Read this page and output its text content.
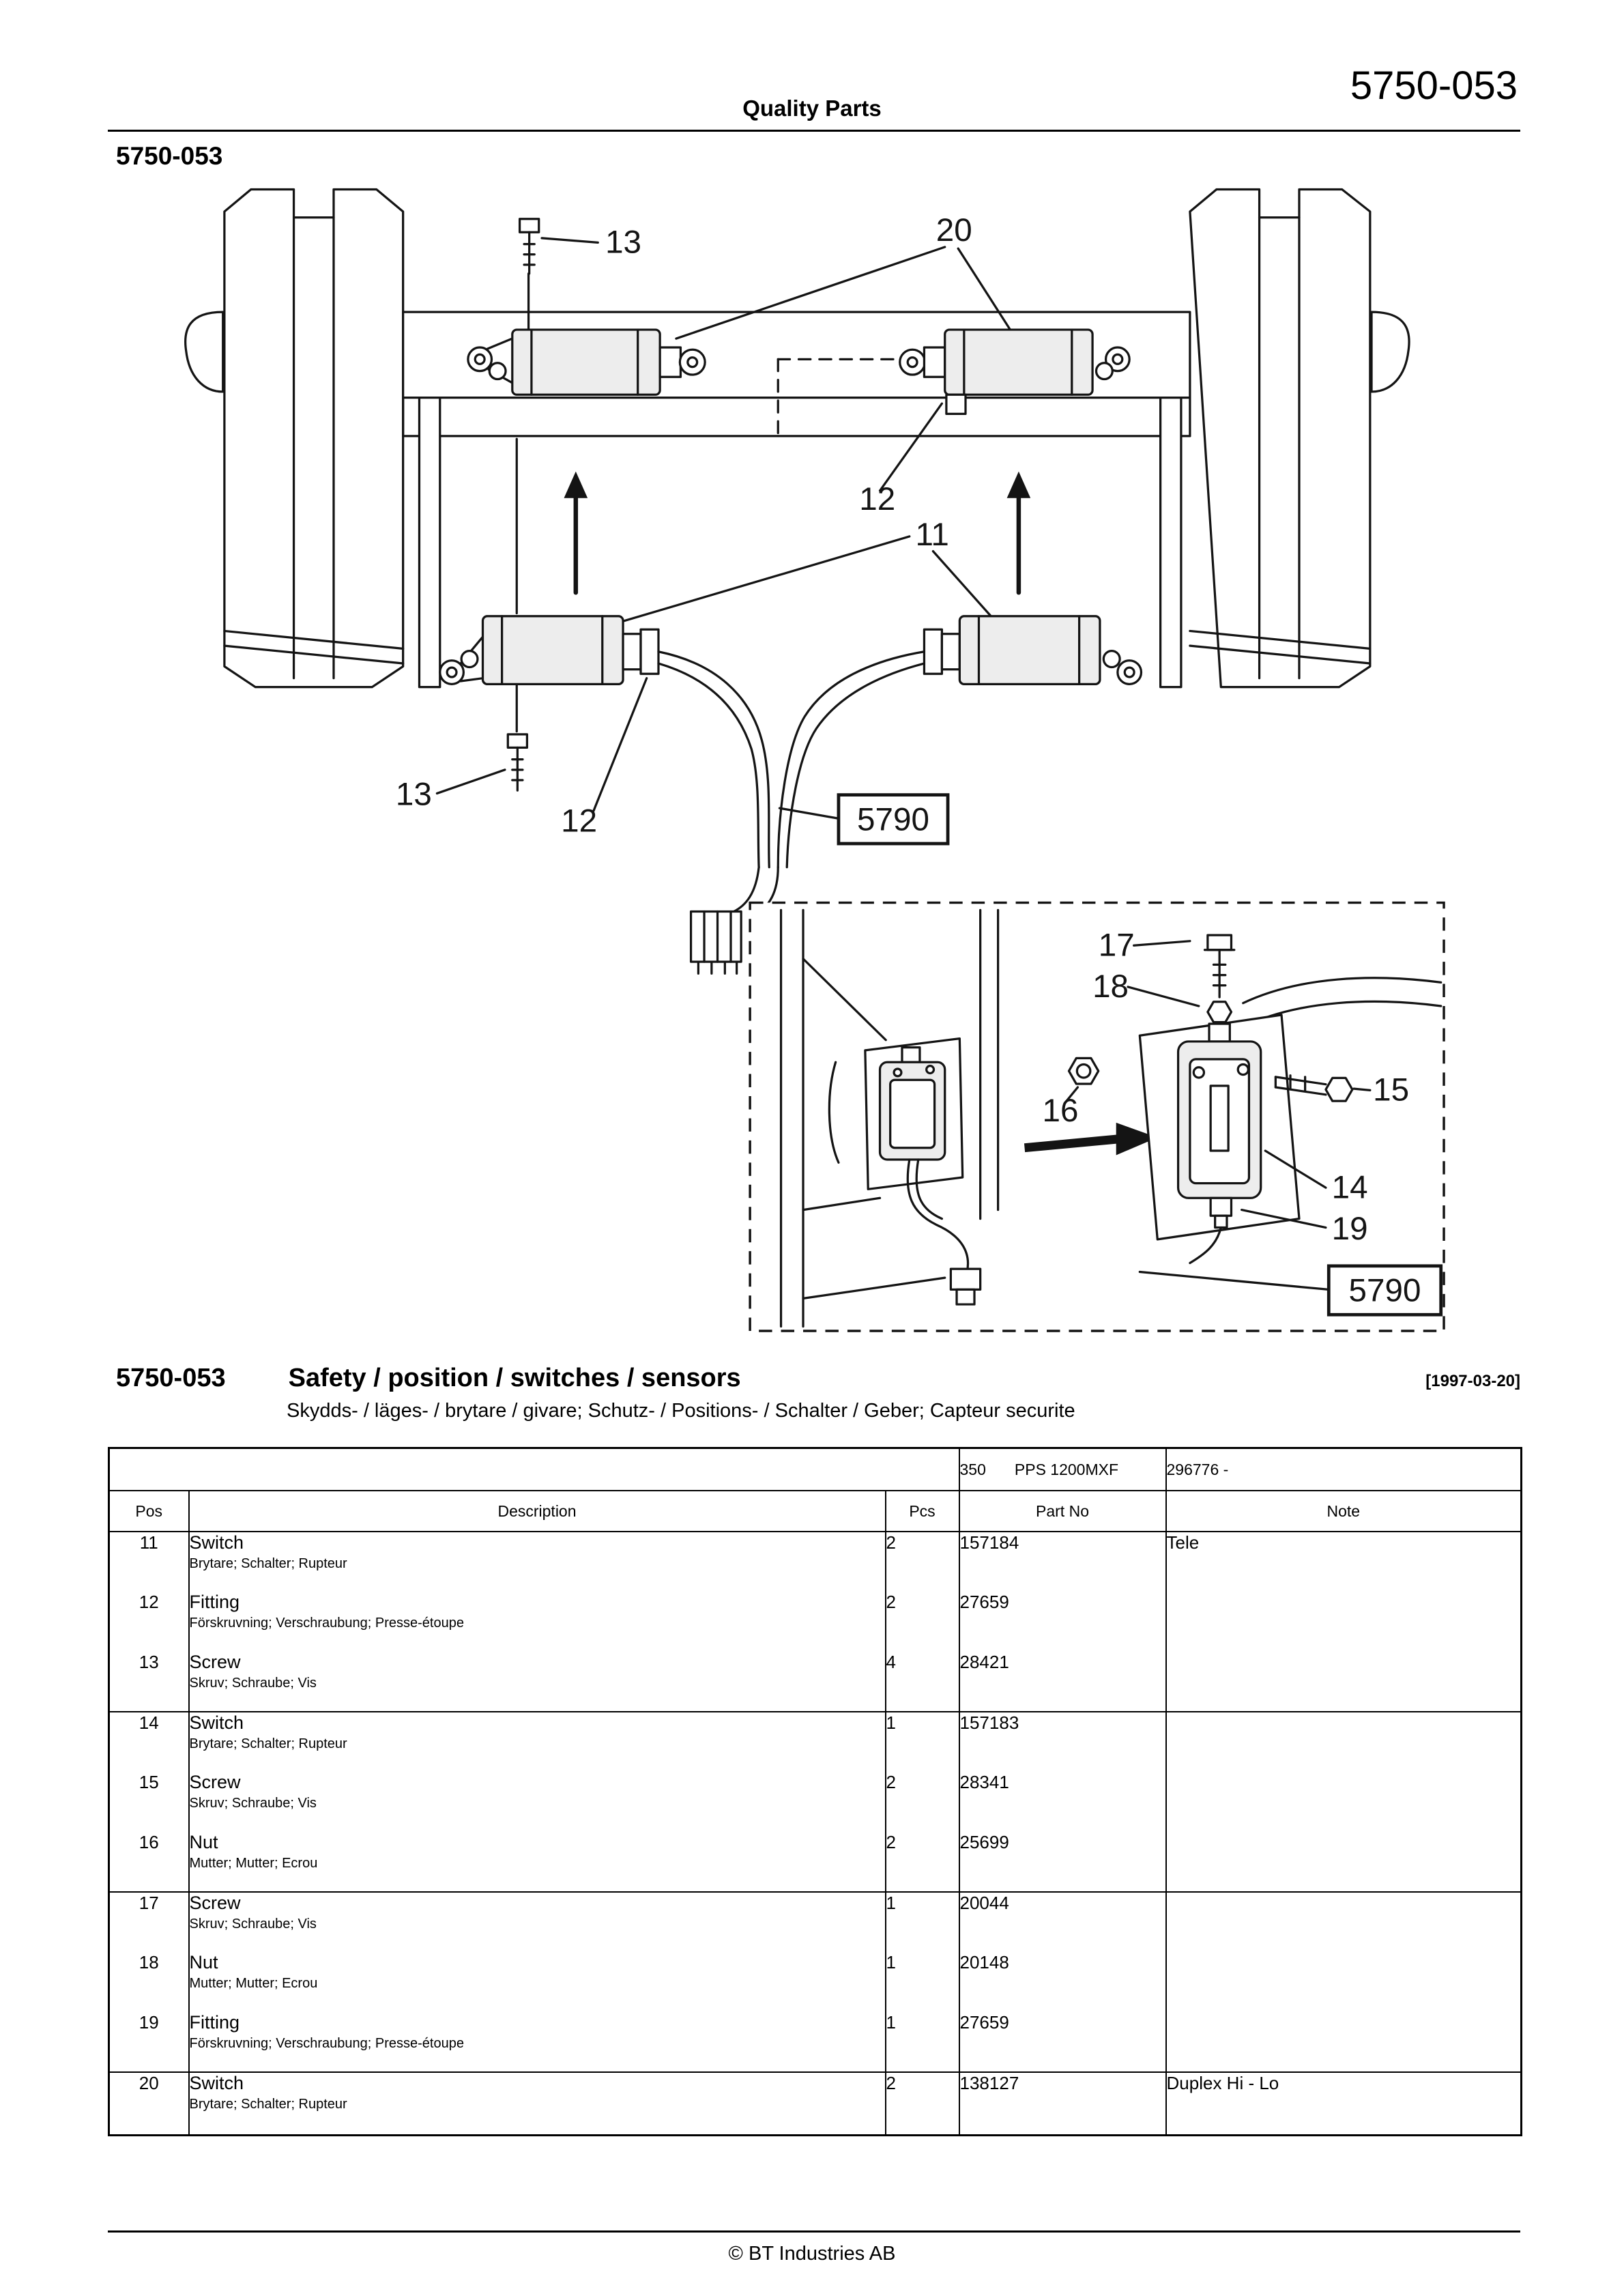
Quality Parts
5750-053
5750-053
13	20
12
11
13
12	5790
17
18
16
15
14
19
5790
5750-053 Safety / position / switches / sensors	[1997-03-20]
Skydds- / läges- / brytare / givare; Schutz- / Positions- / Schalter / Geber; Capteur securite
			350 PPS 1200MXF	296776 -
Pos	Description	Pcs	Part No	Note
11	Switch
Brytare; Schalter; Rupteur	2	157184	Tele
12	Fitting
Förskruvning; Verschraubung; Presse-étoupe	2	27659	
13	Screw
Skruv; Schraube; Vis	4	28421	
14	Switch
Brytare; Schalter; Rupteur	1	157183	
15	Screw
Skruv; Schraube; Vis	2	28341	
16	Nut
Mutter; Mutter; Ecrou	2	25699	
17	Screw
Skruv; Schraube; Vis	1	20044	
18	Nut
Mutter; Mutter; Ecrou	1	20148	
19	Fitting
Förskruvning; Verschraubung; Presse-étoupe	1	27659	
20	Switch
Brytare; Schalter; Rupteur	2	138127	Duplex Hi - Lo
© BT Industries AB
